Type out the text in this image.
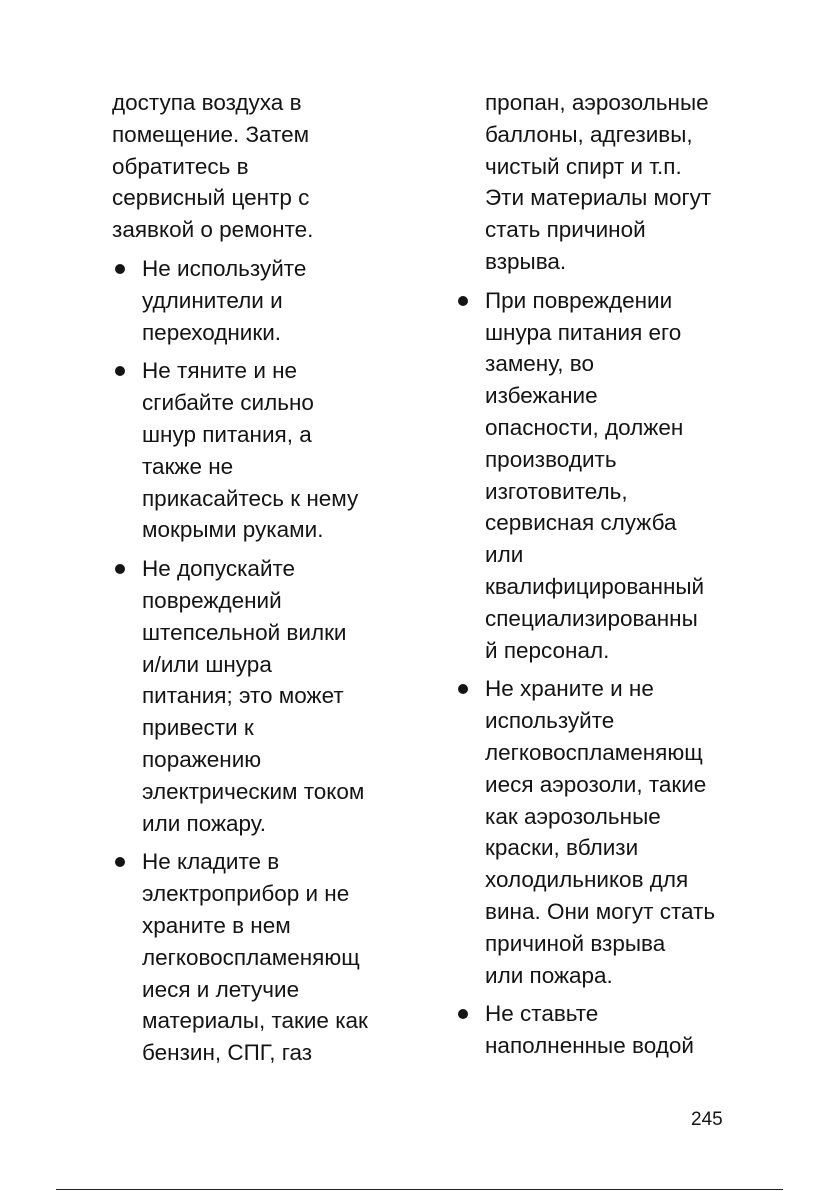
доступа воздуха в
помещение. Затем
обратитесь в
сервисный центр с
заявкой о ремонте.
Не используйте
удлинители и
переходники.
Не тяните и не
сгибайте сильно
шнур питания, а
также не
прикасайтесь к нему
мокрыми руками.
Не допускайте
повреждений
штепсельной вилки
и/или шнура
питания; это может
привести к
поражению
электрическим током
или пожару.
Не кладите в
электроприбор и не
храните в нем
легковоспламеняющ
иеся и летучие
материалы, такие как
бензин, СПГ, газ
пропан, аэрозольные
баллоны, адгезивы,
чистый спирт и т.п.
Эти материалы могут
стать причиной
взрыва.
При повреждении
шнура питания его
замену, во
избежание
опасности, должен
производить
изготовитель,
сервисная служба
или
квалифицированный
специализированны
й персонал.
Не храните и не
используйте
легковоспламеняющ
иеся аэрозоли, такие
как аэрозольные
краски, вблизи
холодильников для
вина. Они могут стать
причиной взрыва
или пожара.
Не ставьте
наполненные водой
245
